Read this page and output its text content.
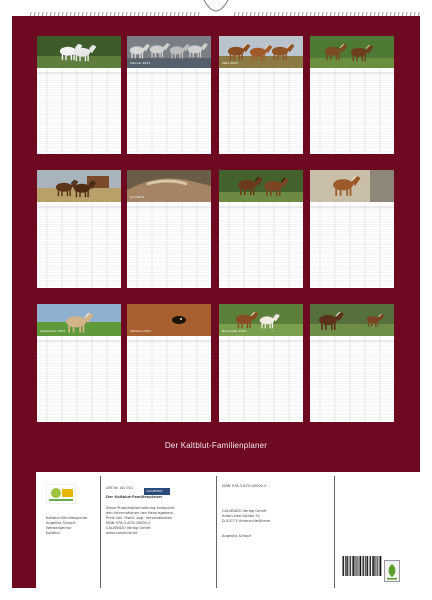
Februar 2023	März 2023
Juni 2023
September 2023	Oktober 2023	November 2023
Der Kaltblut-Familienplaner
Kaltblut-Familienplaner
Angelika Schopf, Werbeagentur
Kaltblut
ART-Nr. AG 001
CALVENDO
Der Kaltblut-Familienplaner
Diese Produktbeschreibung entspricht
den Informationen des Herausgebers.
Preis inkl. MwSt. zzgl. Versandkosten
ISBN 978-3-675-00000-0
CALVENDO Verlag GmbH
www.calvendo.de
ISBN 978-3-675-00000-0
CALVENDO Verlag GmbH
Anton-Hee-Straße 52
D-53773 Unterschleißheim
Angelika Schopf
